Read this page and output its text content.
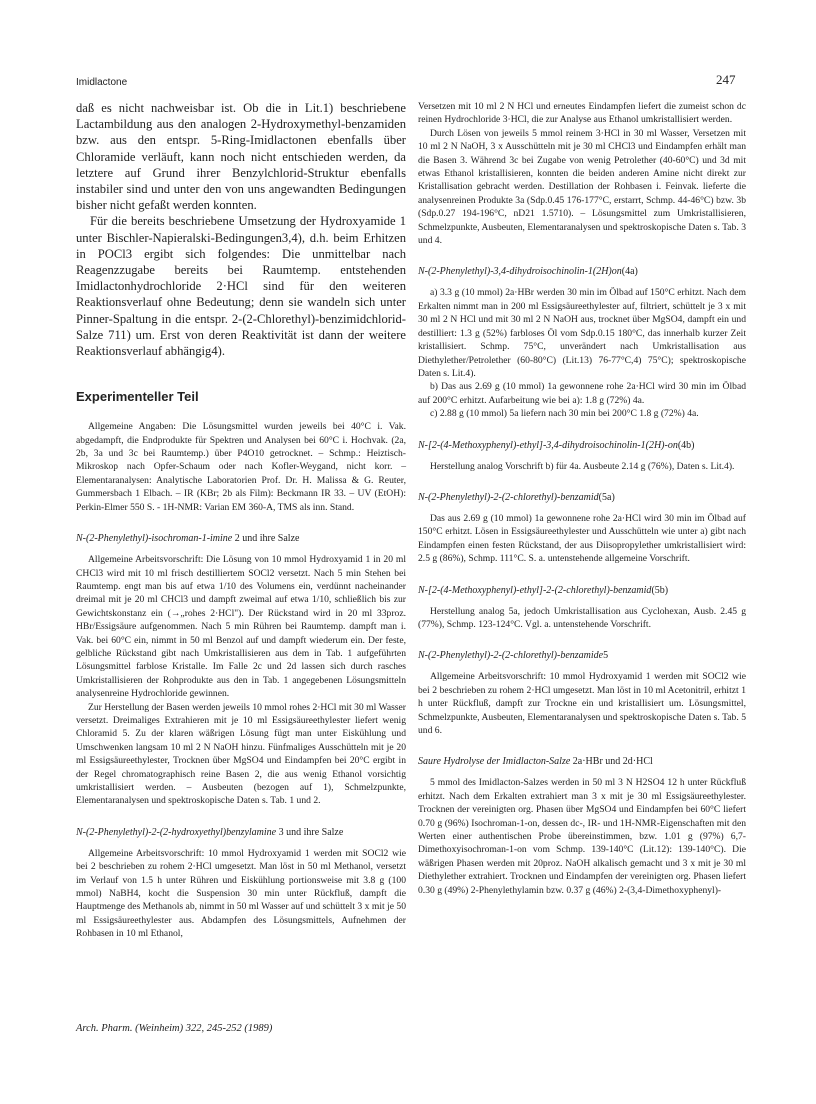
Imidlactone	247

daß es nicht nachweisbar ist. Ob die in Lit.1) beschriebene Lactambildung aus den analogen 2-Hydroxymethyl-benzamiden bzw. aus den entspr. 5-Ring-Imidlactonen ebenfalls über Chloramide verläuft, kann noch nicht entschieden werden, da letztere auf Grund ihrer Benzylchlorid-Struktur ebenfalls instabiler sind und unter den von uns angewandten Bedingungen bisher nicht gefaßt werden konnten.

Für die bereits beschriebene Umsetzung der Hydroxyamide 1 unter Bischler-Napieralski-Bedingungen3,4), d.h. beim Erhitzen in POCl3 ergibt sich folgendes: Die unmittelbar nach Reagenzzugabe bereits bei Raumtemp. entstehenden Imidlactonhydrochloride 2·HCl sind für den weiteren Reaktionsverlauf ohne Bedeutung; denn sie wandeln sich unter Pinner-Spaltung in die entspr. 2-(2-Chlorethyl)-benzimidchlorid-Salze 711) um. Erst von deren Reaktivität ist dann der weitere Reaktionsverlauf abhängig4).

Experimenteller Teil

Allgemeine Angaben: Die Lösungsmittel wurden jeweils bei 40°C i. Vak. abgedampft, die Endprodukte für Spektren und Analysen bei 60°C i. Hochvak. (2a, 2b, 3a und 3c bei Raumtemp.) über P4O10 getrocknet. – Schmp.: Heiztisch-Mikroskop nach Opfer-Schaum oder nach Kofler-Weygand, nicht korr. – Elementaranalysen: Analytische Laboratorien Prof. Dr. H. Malissa & G. Reuter, Gummersbach 1 Elbach. – IR (KBr; 2b als Film): Beckmann IR 33. – UV (EtOH): Perkin-Elmer 550 S. - 1H-NMR: Varian EM 360-A, TMS als inn. Stand.

N-(2-Phenylethyl)-isochroman-1-imine 2 und ihre Salze

Allgemeine Arbeitsvorschrift: Die Lösung von 10 mmol Hydroxyamid 1 in 20 ml CHCl3 wird mit 10 ml frisch destilliertem SOCl2 versetzt. Nach 5 min Stehen bei Raumtemp. engt man bis auf etwa 1/10 des Volumens ein, verdünnt nacheinander dreimal mit je 20 ml CHCl3 und dampft zweimal auf etwa 1/10, schließlich bis zur Gewichtskonstanz ein (→„rohes 2·HCl"). Der Rückstand wird in 20 ml 33proz. HBr/Essigsäure aufgenommen. Nach 5 min Rühren bei Raumtemp. dampft man i. Vak. bei 60°C ein, nimmt in 50 ml Benzol auf und dampft wiederum ein. Der feste, gelbliche Rückstand gibt nach Umkristallisieren aus dem in Tab. 1 aufgeführten Lösungsmittel farblose Kristalle. Im Falle 2c und 2d lassen sich durch rasches Umkristallisieren der Rohprodukte aus den in Tab. 1 angegebenen Lösungsmitteln analysenreine Hydrochloride gewinnen.

Zur Herstellung der Basen werden jeweils 10 mmol rohes 2·HCl mit 30 ml Wasser versetzt. Dreimaliges Extrahieren mit je 10 ml Essigsäureethylester liefert wenig Chloramid 5. Zu der klaren wäßrigen Lösung fügt man unter Eiskühlung und Umschwenken langsam 10 ml 2 N NaOH hinzu. Fünfmaliges Ausschütteln mit je 20 ml Essigsäureethylester, Trocknen über MgSO4 und Eindampfen bei 20°C ergibt in der Regel chromatographisch reine Basen 2, die aus wenig Ethanol vorsichtig umkristallisiert werden. – Ausbeuten (bezogen auf 1), Schmelzpunkte, Elementaranalysen und spektroskopische Daten s. Tab. 1 und 2.

N-(2-Phenylethyl)-2-(2-hydroxyethyl)benzylamine 3 und ihre Salze

Allgemeine Arbeitsvorschrift: 10 mmol Hydroxyamid 1 werden mit SOCl2 wie bei 2 beschrieben zu rohem 2·HCl umgesetzt. Man löst in 50 ml Methanol, versetzt im Verlauf von 1.5 h unter Rühren und Eiskühlung portionsweise mit 3.8 g (100 mmol) NaBH4, kocht die Suspension 30 min unter Rückfluß, dampft die Hauptmenge des Methanols ab, nimmt in 50 ml Wasser auf und schüttelt 3 x mit je 50 ml Essigsäureethylester aus. Abdampfen des Lösungsmittels, Aufnehmen der Rohbasen in 10 ml Ethanol,

Versetzen mit 10 ml 2 N HCl und erneutes Eindampfen liefert die zumeist schon dc reinen Hydrochloride 3·HCl, die zur Analyse aus Ethanol umkristallisiert werden.

Durch Lösen von jeweils 5 mmol reinem 3·HCl in 30 ml Wasser, Versetzen mit 10 ml 2 N NaOH, 3 x Ausschütteln mit je 30 ml CHCl3 und Eindampfen erhält man die Basen 3. Während 3c bei Zugabe von wenig Petrolether (40-60°C) und 3d mit etwas Ethanol kristallisieren, konnten die beiden anderen Amine nicht direkt zur Kristallisation gebracht werden. Destillation der Rohbasen i. Feinvak. lieferte die analysenreinen Produkte 3a (Sdp.0.45 176-177°C, erstarrt, Schmp. 44-46°C) bzw. 3b (Sdp.0.27 194-196°C, nD21 1.5710). – Lösungsmittel zum Umkristallisieren, Schmelzpunkte, Ausbeuten, Elementaranalysen und spektroskopische Daten s. Tab. 3 und 4.

N-(2-Phenylethyl)-3,4-dihydroisochinolin-1(2H)on(4a)

a) 3.3 g (10 mmol) 2a·HBr werden 30 min im Ölbad auf 150°C erhitzt. Nach dem Erkalten nimmt man in 200 ml Essigsäureethylester auf, filtriert, schüttelt je 3 x mit 30 ml 2 N HCl und mit 30 ml 2 N NaOH aus, trocknet über MgSO4, dampft ein und destilliert: 1.3 g (52%) farbloses Öl vom Sdp.0.15 180°C, das innerhalb kurzer Zeit kristallisiert. Schmp. 75°C, unverändert nach Umkristallisation aus Diethylether/Petrolether (60-80°C) (Lit.13) 76-77°C,4) 75°C); spektroskopische Daten s. Lit.4).

b) Das aus 2.69 g (10 mmol) 1a gewonnene rohe 2a·HCl wird 30 min im Ölbad auf 200°C erhitzt. Aufarbeitung wie bei a): 1.8 g (72%) 4a.

c) 2.88 g (10 mmol) 5a liefern nach 30 min bei 200°C 1.8 g (72%) 4a.

N-[2-(4-Methoxyphenyl)-ethyl]-3,4-dihydroisochinolin-1(2H)-on(4b)

Herstellung analog Vorschrift b) für 4a. Ausbeute 2.14 g (76%), Daten s. Lit.4).

N-(2-Phenylethyl)-2-(2-chlorethyl)-benzamid(5a)

Das aus 2.69 g (10 mmol) 1a gewonnene rohe 2a·HCl wird 30 min im Ölbad auf 150°C erhitzt. Lösen in Essigsäureethylester und Ausschütteln wie unter a) gibt nach Eindampfen einen festen Rückstand, der aus Diisopropylether umkristallisiert wird: 2.5 g (86%), Schmp. 111°C. S. a. untenstehende allgemeine Vorschrift.

N-[2-(4-Methoxyphenyl)-ethyl]-2-(2-chlorethyl)-benzamid(5b)

Herstellung analog 5a, jedoch Umkristallisation aus Cyclohexan, Ausb. 2.45 g (77%), Schmp. 123-124°C. Vgl. a. untenstehende Vorschrift.

N-(2-Phenylethyl)-2-(2-chlorethyl)-benzamide5

Allgemeine Arbeitsvorschrift: 10 mmol Hydroxyamid 1 werden mit SOCl2 wie bei 2 beschrieben zu rohem 2·HCl umgesetzt. Man löst in 10 ml Acetonitril, erhitzt 1 h unter Rückfluß, dampft zur Trockne ein und kristallisiert um. Lösungsmittel, Schmelzpunkte, Ausbeuten, Elementaranalysen und spektroskopische Daten s. Tab. 5 und 6.

Saure Hydrolyse der Imidlacton-Salze 2a·HBr und 2d·HCl

5 mmol des Imidlacton-Salzes werden in 50 ml 3 N H2SO4 12 h unter Rückfluß erhitzt. Nach dem Erkalten extrahiert man 3 x mit je 30 ml Essigsäureethylester. Trocknen der vereinigten org. Phasen über MgSO4 und Eindampfen bei 60°C liefert 0.70 g (96%) Isochroman-1-on, dessen dc-, IR- und 1H-NMR-Eigenschaften mit den Werten einer authentischen Probe übereinstimmen, bzw. 1.01 g (97%) 6,7-Dimethoxyisochroman-1-on vom Schmp. 139-140°C (Lit.12): 139-140°C). Die wäßrigen Phasen werden mit 20proz. NaOH alkalisch gemacht und 3 x mit je 30 ml Diethylether extrahiert. Trocknen und Eindampfen der vereinigten org. Phasen liefert 0.30 g (49%) 2-Phenylethylamin bzw. 0.37 g (46%) 2-(3,4-Dimethoxyphenyl)-

Arch. Pharm. (Weinheim) 322, 245-252 (1989)
